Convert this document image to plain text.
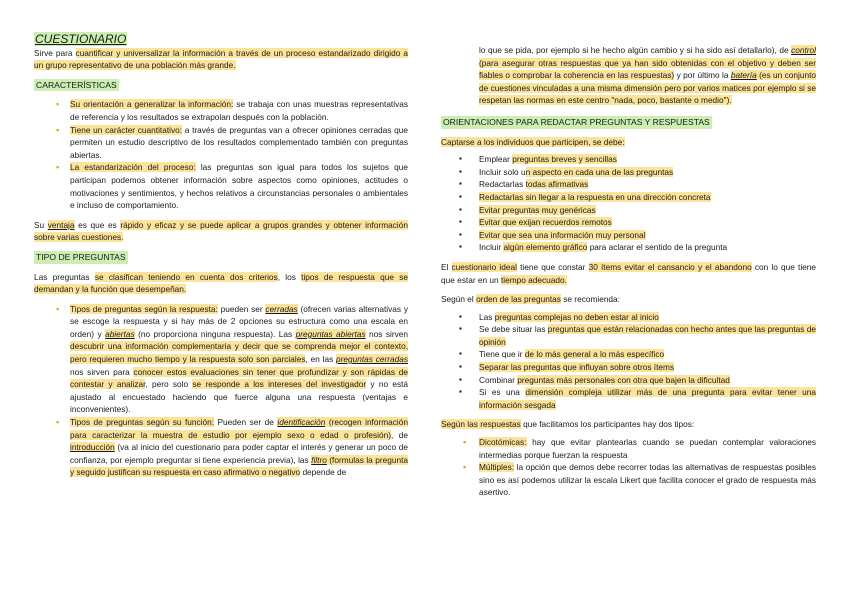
CUESTIONARIO

Sirve para cuantificar y universalizar la información a través de un proceso estandarizado dirigido a un grupo representativo de una población más grande.

CARACTERÍSTICAS
▪ Su orientación a generalizar la información: se trabaja con unas muestras representativas de referencia y los resultados se extrapolan después con la población.
▪ Tiene un carácter cuantitativo: a través de preguntas van a ofrecer opiniones cerradas que permiten un estudio descriptivo de los resultados complementado también con preguntas abiertas.
▪ La estandarización del proceso: las preguntas son igual para todos los sujetos que participan podemos obtener información sobre aspectos como opiniones, actitudes o motivaciones y sentimientos, y hechos relativos a circunstancias personales o ambientales e incluso de comportamiento.

Su ventaja es que es rápido y eficaz y se puede aplicar a grupos grandes y obtener información sobre varias cuestiones.

TIPO DE PREGUNTAS

Las preguntas se clasifican teniendo en cuenta dos criterios, los tipos de respuesta que se demandan y la función que desempeñan.

▪ Tipos de preguntas según la respuesta: pueden ser cerradas (ofrecen varias alternativas y se escoge la respuesta y si hay más de 2 opciones su estructura como una escala en orden) y abiertas (no proporciona ninguna respuesta). Las preguntas abiertas nos sirven descubrir una información complementaria y decir que se comprenda mejor el contexto, pero requieren mucho tiempo y la respuesta solo son parciales, en las preguntas cerradas nos sirven para conocer estos evaluaciones sin tener que profundizar y son rápidas de contestar y analizar, pero solo se responde a los intereses del investigador y no está ajustado al encuestado haciendo que fuerce alguna una respuesta (ventajas e inconvenientes).
▪ Tipos de preguntas según su función: Pueden ser de identificación (recogen información para caracterizar la muestra de estudio por ejemplo sexo o edad o profesión), de introducción (va al inicio del cuestionario para poder captar el interés y generar un poco de confianza, por ejemplo preguntar si tiene experiencia previa), las filtro (formulas la pregunta y seguido justifican su respuesta en caso afirmativo o negativo depende de

lo que se pida, por ejemplo si he hecho algún cambio y si ha sido así detallarlo), de control (para asegurar otras respuestas que ya han sido obtenidas con el objetivo y deben ser fiables o comprobar la coherencia en las respuestas) y por último la batería (es un conjunto de cuestiones vinculadas a una misma dimensión pero por varios matices por ejemplo si se respetan las normas en este centro "nada, poco, bastante o medio").

ORIENTACIONES PARA REDACTAR PREGUNTAS Y RESPUESTAS

Captarse a los individuos que participen, se debe:

▪ Emplear preguntas breves y sencillas
▪ Incluir solo un aspecto en cada una de las preguntas
▪ Redactarlas todas afirmativas
▪ Redactarlas sin llegar a la respuesta en una dirección concreta
▪ Evitar preguntas muy genéricas
▪ Evitar que exijan recuerdos remotos
▪ Evitar que sea una información muy personal
▪ Incluir algún elemento gráfico para aclarar el sentido de la pregunta

El cuestionario ideal tiene que constar 30 ítems evitar el cansancio y el abandono con lo que tiene que estar en un tiempo adecuado.

Según el orden de las preguntas se recomienda:

▪ Las preguntas complejas no deben estar al inicio
▪ Se debe situar las preguntas que están relacionadas con hecho antes que las preguntas de opinión
▪ Tiene que ir de lo más general a lo más específico
▪ Separar las preguntas que influyan sobre otros ítems
▪ Combinar preguntas más personales con otra que bajen la dificultad
▪ Si es una dimensión compleja utilizar más de una pregunta para evitar tener una información sesgada

Según las respuestas que facilitamos los participantes hay dos tipos:

▪ Dicotómicas: hay que evitar plantearlas cuando se puedan contemplar valoraciones intermedias porque fuerzan la respuesta
▪ Múltiples: la opción que demos debe recorrer todas las alternativas de respuestas posibles sino es así podemos utilizar la escala Likert que facilita conocer el grado de respuesta más asertivo.
